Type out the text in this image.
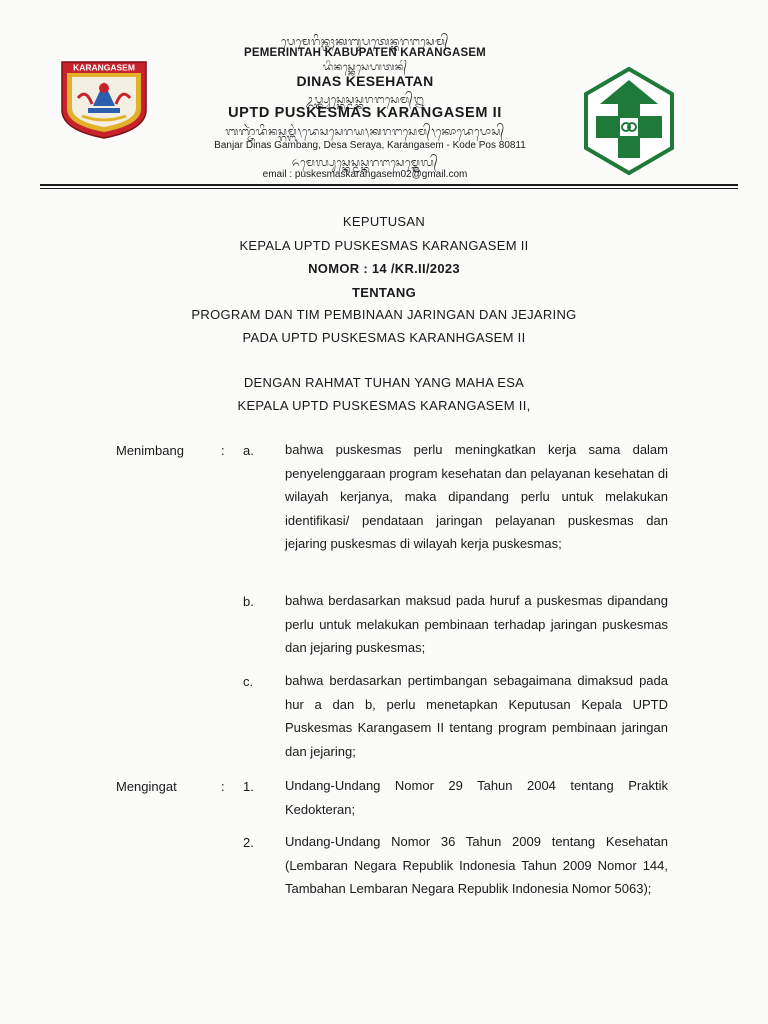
KARANGASEM
ᬧᬾᬫᬾᬭᬶᬦ᭄ᬢᬄᬓᬩᬸᬧᬢᬾᬦ᭄ᬓᬭᬗᬲᬾᬫ᭄
PEMERINTAH KABUPATEN KARANGASEM
ᬤᬶᬦᬲ᭄ᬓᬾᬲᬾᬳᬢᬦ᭄
DINAS KESEHATAN
ᬉᬧ᭄ᬢ᭄ᬤ᭄ᬧᬸᬲ᭄ᬓᬾᬲ᭄ᬫᬲ᭄ᬓᬭᬗᬲᬾᬫ᭄᭒
UPTD PUSKESMAS KARANGASEM II
ᬩᬜ᭄ᬚᬃᬤᬶᬦᬲ᭄ᬕᬫ᭄ᬩᬂ᭞ᬤᬾᬲᬲᬾᬭᬬ᭞ᬓᬭᬗᬲᬾᬫ᭄᭞ᬓᭀᬤᬾᬧᭀᬲ᭄
Banjar Dinas Gambang, Desa Seraya, Karangasem - Kode Pos 80811
ᬏᬫᬾᬮ᭄ᬧᬸᬲ᭄ᬓᬾᬲ᭄ᬫᬲ᭄ᬓᬭᬗᬲᬾᬫ᭄ᬕ᭄ᬫᬾᬮ᭄
email : puskesmaskarangasem02@gmail.com
KEPUTUSAN
KEPALA UPTD PUSKESMAS KARANGASEM II
NOMOR : 14 /KR.II/2023
TENTANG
PROGRAM DAN TIM PEMBINAAN JARINGAN DAN JEJARING
PADA UPTD PUSKESMAS KARANHGASEM II
DENGAN RAHMAT TUHAN YANG MAHA ESA
KEPALA UPTD PUSKESMAS KARANGASEM II,
Menimbang	: a. bahwa puskesmas perlu meningkatkan kerja sama dalam penyelenggaraan program kesehatan dan pelayanan kesehatan di wilayah kerjanya, maka dipandang perlu untuk melakukan identifikasi/ pendataan jaringan pelayanan puskesmas dan jejaring puskesmas di wilayah kerja puskesmas;
b. bahwa berdasarkan maksud pada huruf a puskesmas dipandang perlu untuk melakukan pembinaan terhadap jaringan puskesmas dan jejaring puskesmas;
c. bahwa berdasarkan pertimbangan sebagaimana dimaksud pada hur a dan b, perlu menetapkan Keputusan Kepala UPTD Puskesmas Karangasem II tentang program pembinaan jaringan dan jejaring;
Mengingat	: 1. Undang-Undang Nomor 29 Tahun 2004 tentang Praktik Kedokteran;
2. Undang-Undang Nomor 36 Tahun 2009 tentang Kesehatan (Lembaran Negara Republik Indonesia Tahun 2009 Nomor 144, Tambahan Lembaran Negara Republik Indonesia Nomor 5063);
